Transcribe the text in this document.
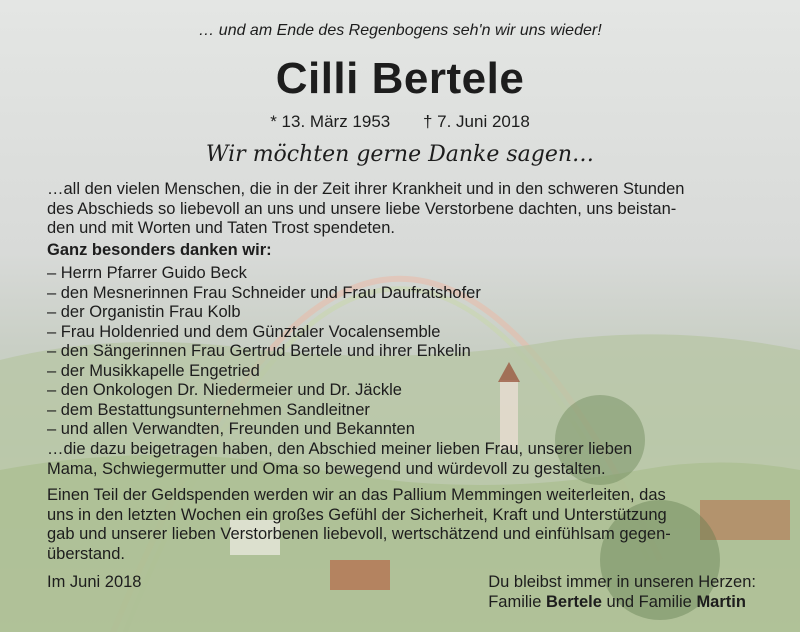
… und am Ende des Regenbogens seh'n wir uns wieder!
Cilli Bertele
* 13. März 1953 † 7. Juni 2018
Wir möchten gerne Danke sagen…
…all den vielen Menschen, die in der Zeit ihrer Krankheit und in den schweren Stunden
des Abschieds so liebevoll an uns und unsere liebe Verstorbene dachten, uns beistan-
den und mit Worten und Taten Trost spendeten.
Ganz besonders danken wir:
– Herrn Pfarrer Guido Beck
– den Mesnerinnen Frau Schneider und Frau Daufratshofer
– der Organistin Frau Kolb
– Frau Holdenried und dem Günztaler Vocalensemble
– den Sängerinnen Frau Gertrud Bertele und ihrer Enkelin
– der Musikkapelle Engetried
– den Onkologen Dr. Niedermeier und Dr. Jäckle
– dem Bestattungsunternehmen Sandleitner
– und allen Verwandten, Freunden und Bekannten
…die dazu beigetragen haben, den Abschied meiner lieben Frau, unserer lieben
Mama, Schwiegermutter und Oma so bewegend und würdevoll zu gestalten.
Einen Teil der Geldspenden werden wir an das Pallium Memmingen weiterleiten, das
uns in den letzten Wochen ein großes Gefühl der Sicherheit, Kraft und Unterstützung
gab und unserer lieben Verstorbenen liebevoll, wertschätzend und einfühlsam gegen-
überstand.
Im Juni 2018	Du bleibst immer in unseren Herzen:
Familie Bertele und Familie Martin
